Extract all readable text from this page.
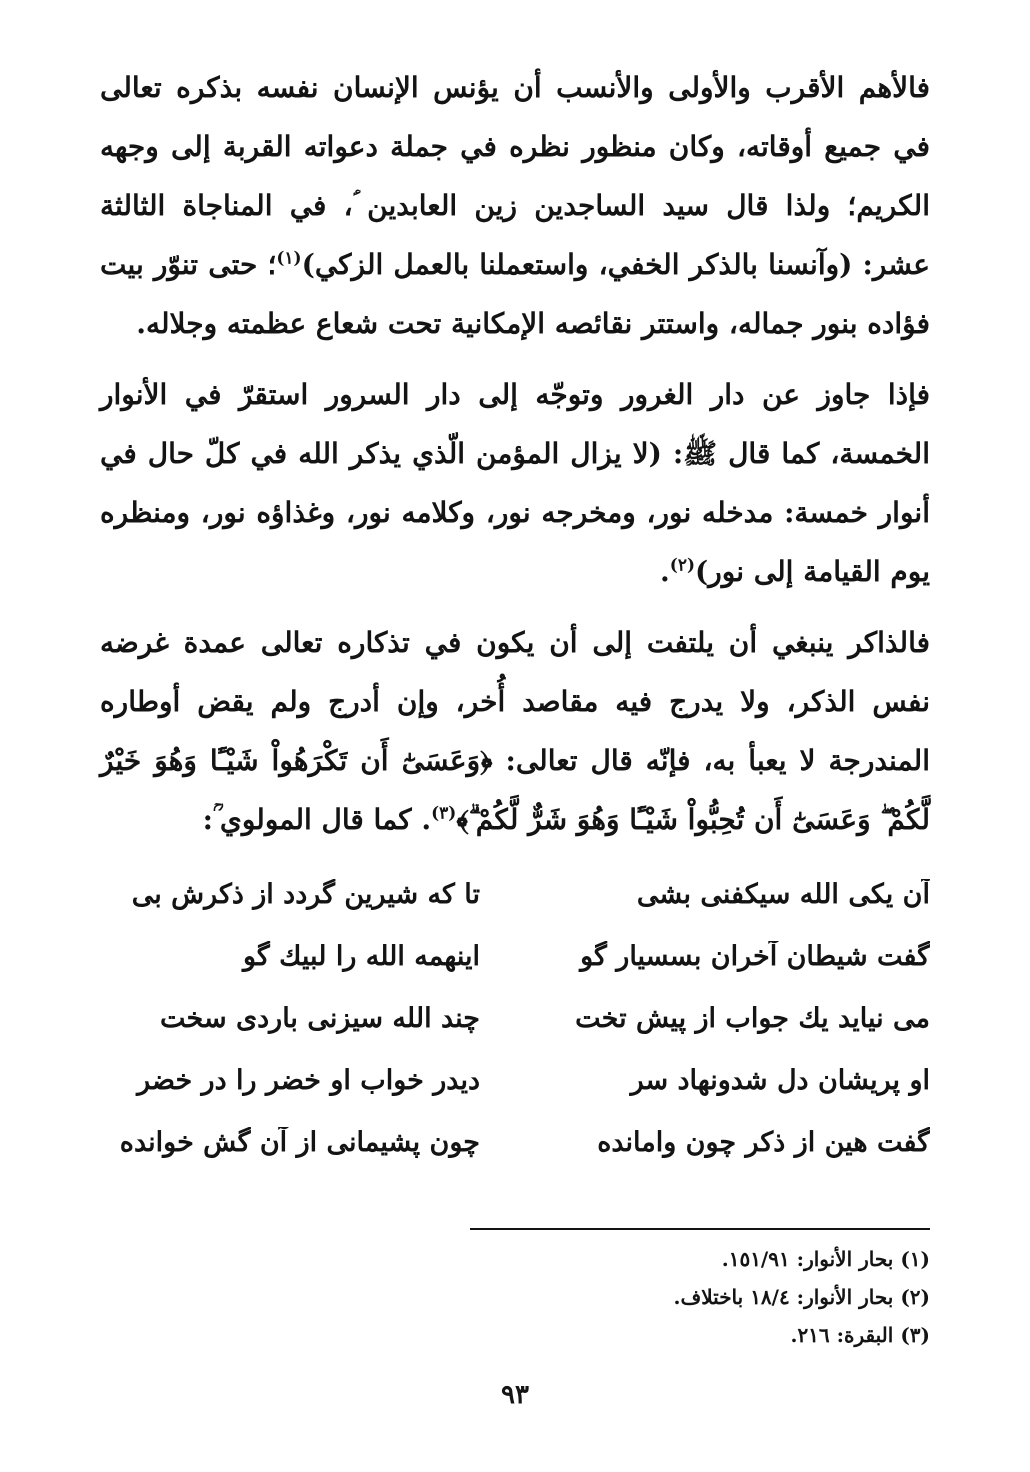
فالأهم الأقرب والأولى والأنسب أن يؤنس الإنسان نفسه بذكره تعالى في جميع أوقاته، وكان منظور نظره في جملة دعواته القربة إلى وجهه الكريم؛ ولذا قال سيد الساجدين زين العابدين ؑ، في المناجاة الثالثة عشر: (وآنسنا بالذكر الخفي، واستعملنا بالعمل الزكي)$^{(١)}$؛ حتى تنوّر بيت فؤاده بنور جماله، واستتر نقائصه الإمكانية تحت شعاع عظمته وجلاله.

فإذا جاوز عن دار الغرور وتوجّه إلى دار السرور استقرّ في الأنوار الخمسة، كما قال ﷺ: (لا يزال المؤمن الّذي يذكر الله في كلّ حال في أنوار خمسة: مدخله نور، ومخرجه نور، وكلامه نور، وغذاؤه نور، ومنظره يوم القيامة إلى نور)$^{(٢)}$.

فالذاكر ينبغي أن يلتفت إلى أن يكون في تذكاره تعالى عمدة غرضه نفس الذكر، ولا يدرج فيه مقاصد أُخر، وإن أدرج ولم يقض أوطاره المندرجة لا يعبأ به، فإنّه قال تعالى: ﴿وَعَسَىٰٓ أَن تَكْرَهُواْ شَيْـًٔا وَهُوَ خَيْرٌ لَّكُمْ ۖ وَعَسَىٰٓ أَن تُحِبُّواْ شَيْـًٔا وَهُوَ شَرٌّ لَّكُمْ ۗ﴾$^{(٣)}$. كما قال المولوي ؒ:

آن يكى الله سيكفنى بشى
تا كه شيرين گردد از ذكرش بى
گفت شيطان آخران بسسيار گو
اينهمه الله را لبيك گو
مى نيايد يك جواب از پيش تخت
چند الله سيزنى باردى سخت
او پريشان دل شدونهاد سر
ديدر خواب او خضر را در خضر
گفت هين از ذكر چون وامانده
چون پشيمانى از آن گش خوانده
(١) بحار الأنوار: ١٥١/٩١.
(٢) بحار الأنوار: ١٨/٤ باختلاف.
(٣) البقرة: ٢١٦.
٩٣
